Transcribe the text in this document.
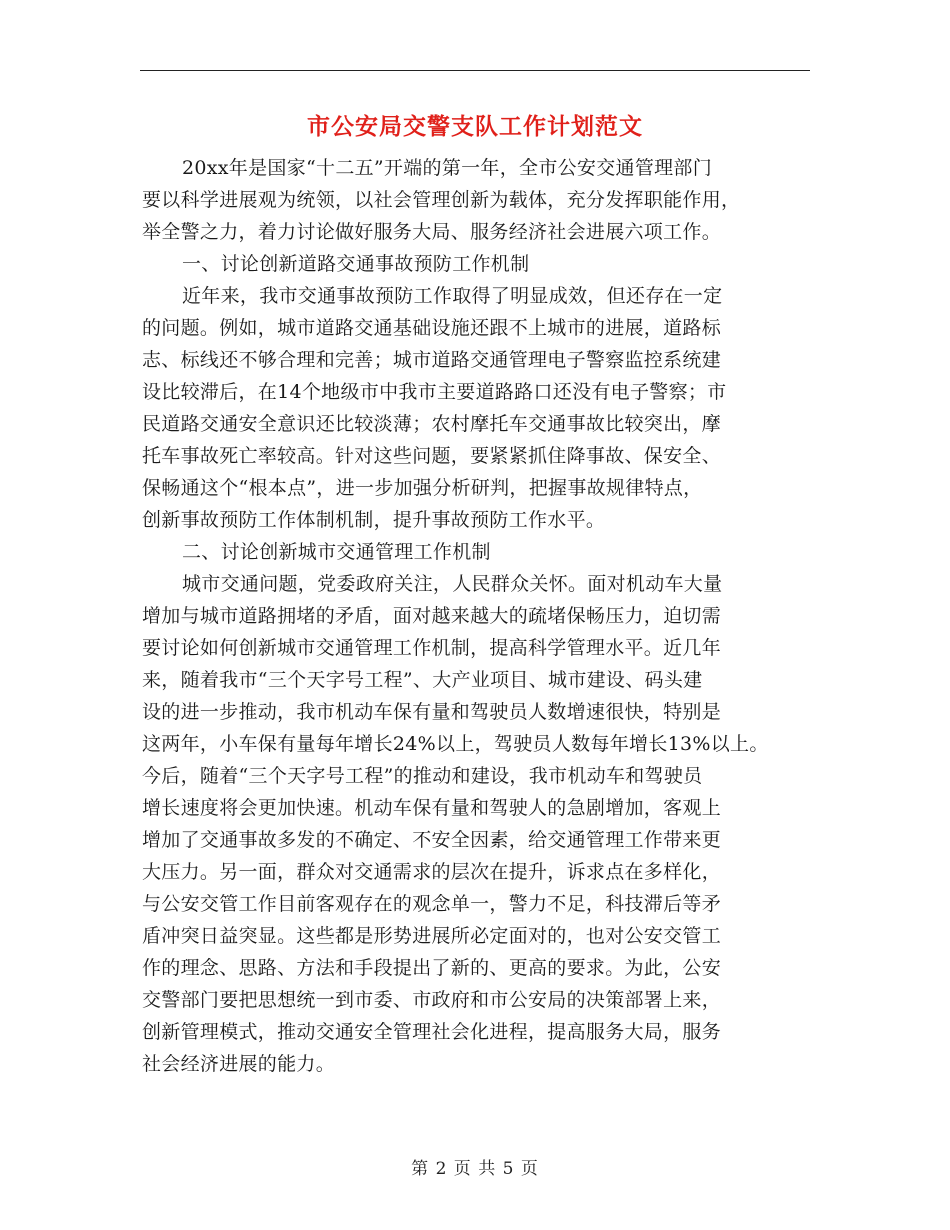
市公安局交警支队工作计划范文
20xx年是国家“十二五”开端的第一年，全市公安交通管理部门
要以科学进展观为统领，以社会管理创新为载体，充分发挥职能作用，
举全警之力，着力讨论做好服务大局、服务经济社会进展六项工作。
一、讨论创新道路交通事故预防工作机制
近年来，我市交通事故预防工作取得了明显成效，但还存在一定
的问题。例如，城市道路交通基础设施还跟不上城市的进展，道路标
志、标线还不够合理和完善；城市道路交通管理电子警察监控系统建
设比较滞后，在14个地级市中我市主要道路路口还没有电子警察；市
民道路交通安全意识还比较淡薄；农村摩托车交通事故比较突出，摩
托车事故死亡率较高。针对这些问题，要紧紧抓住降事故、保安全、
保畅通这个“根本点”，进一步加强分析研判，把握事故规律特点，
创新事故预防工作体制机制，提升事故预防工作水平。
二、讨论创新城市交通管理工作机制
城市交通问题，党委政府关注，人民群众关怀。面对机动车大量
增加与城市道路拥堵的矛盾，面对越来越大的疏堵保畅压力，迫切需
要讨论如何创新城市交通管理工作机制，提高科学管理水平。近几年
来，随着我市“三个天字号工程”、大产业项目、城市建设、码头建
设的进一步推动，我市机动车保有量和驾驶员人数增速很快，特别是
这两年，小车保有量每年增长24%以上，驾驶员人数每年增长13%以上。
今后，随着“三个天字号工程”的推动和建设，我市机动车和驾驶员
增长速度将会更加快速。机动车保有量和驾驶人的急剧增加，客观上
增加了交通事故多发的不确定、不安全因素，给交通管理工作带来更
大压力。另一面，群众对交通需求的层次在提升，诉求点在多样化，
与公安交管工作目前客观存在的观念单一，警力不足，科技滞后等矛
盾冲突日益突显。这些都是形势进展所必定面对的，也对公安交管工
作的理念、思路、方法和手段提出了新的、更高的要求。为此，公安
交警部门要把思想统一到市委、市政府和市公安局的决策部署上来，
创新管理模式，推动交通安全管理社会化进程，提高服务大局，服务
社会经济进展的能力。
第 2 页 共 5 页
